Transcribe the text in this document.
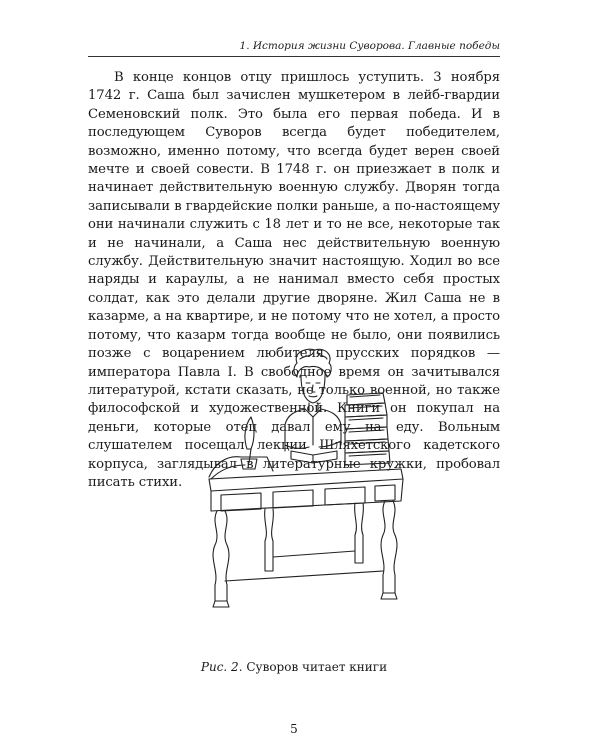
1. История жизни Суворова. Главные победы

В конце концов отцу пришлось уступить. 3 ноября 1742 г. Саша был зачислен мушкетером в лейб-гвардии Семеновский полк. Это была его первая победа. И в последующем Суворов всегда будет победителем, возможно, именно потому, что всегда будет верен своей мечте и своей совести. В 1748 г. он приезжает в полк и начинает действительную военную службу. Дворян тогда записывали в гвардейские полки раньше, а по-настоящему они начинали служить с 18 лет и то не все, некоторые так и не начинали, а Саша нес действительную военную службу. Действительную значит настоящую. Ходил во все наряды и караулы, а не нанимал вместо себя простых солдат, как это делали другие дворяне. Жил Саша не в казарме, а на квартире, и не потому что не хотел, а просто потому, что казарм тогда вообще не было, они появились позже с воцарением любителя прусских порядков — императора Павла I. В свободное время он зачитывался литературой, кстати сказать, не только военной, но также философской и художественной. Книги он покупал на деньги, которые отец давал ему на еду. Вольным слушателем посещал лекции Шляхетского кадетского корпуса, заглядывал в литературные кружки, пробовал писать стихи.

Рис. 2. Суворов читает книги
5
